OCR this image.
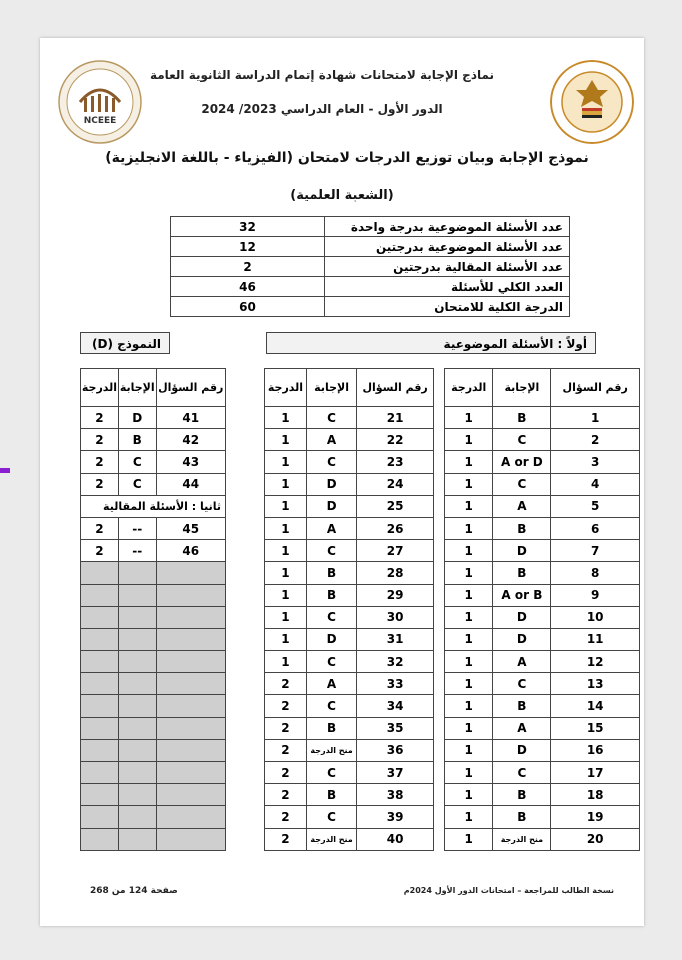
NCEEE
نماذج الإجابة لامتحانات شهادة إتمام الدراسة الثانوية العامة
الدور الأول - العام الدراسي 2023/ 2024
نموذج الإجابة وبيان توزيع الدرجات لامتحان (الفيزياء - باللغة الانجليزية)
(الشعبة العلمية)
عدد الأسئلة الموضوعية بدرجة واحدة	32
عدد الأسئلة الموضوعية بدرجتين	12
عدد الأسئلة المقالية بدرجتين	2
العدد الكلي للأسئلة	46
الدرجة الكلية للامتحان	60
أولاً : الأسئلة الموضوعية
النموذج (D)
رقم السؤال	الإجابة	الدرجة
1	B	1
2	C	1
3	A or D	1
4	C	1
5	A	1
6	B	1
7	D	1
8	B	1
9	A or B	1
10	D	1
11	D	1
12	A	1
13	C	1
14	B	1
15	A	1
16	D	1
17	C	1
18	B	1
19	B	1
20	منح الدرجة	1
رقم السؤال	الإجابة	الدرجة
21	C	1
22	A	1
23	C	1
24	D	1
25	D	1
26	A	1
27	C	1
28	B	1
29	B	1
30	C	1
31	D	1
32	C	1
33	A	2
34	C	2
35	B	2
36	منح الدرجة	2
37	C	2
38	B	2
39	C	2
40	منح الدرجة	2
رقم السؤال	الإجابة	الدرجة
41	D	2
42	B	2
43	C	2
44	C	2
ثانيا : الأسئلة المقالية		
45	--	2
46	--	2

نسخة الطالب للمراجعة – امتحانات الدور الأول 2024م
صفحة 124 من 268
